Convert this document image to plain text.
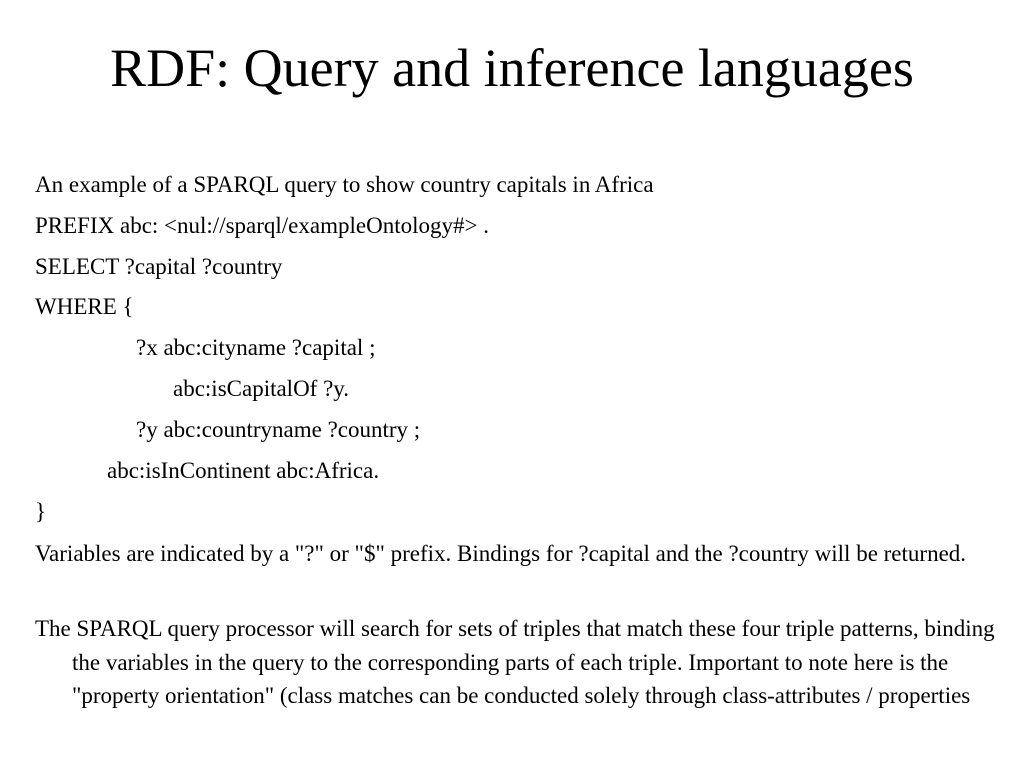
RDF: Query and inference languages
An example of a SPARQL query to show country capitals in Africa
PREFIX abc: <nul://sparql/exampleOntology#> .
SELECT ?capital ?country
WHERE {
?x abc:cityname ?capital ;
abc:isCapitalOf ?y.
?y abc:countryname ?country ;
abc:isInContinent abc:Africa.
}
Variables are indicated by a "?" or "$" prefix. Bindings for ?capital and the ?country will be returned.
The SPARQL query processor will search for sets of triples that match these four triple patterns, binding the variables in the query to the corresponding parts of each triple. Important to note here is the "property orientation" (class matches can be conducted solely through class-attributes / properties
